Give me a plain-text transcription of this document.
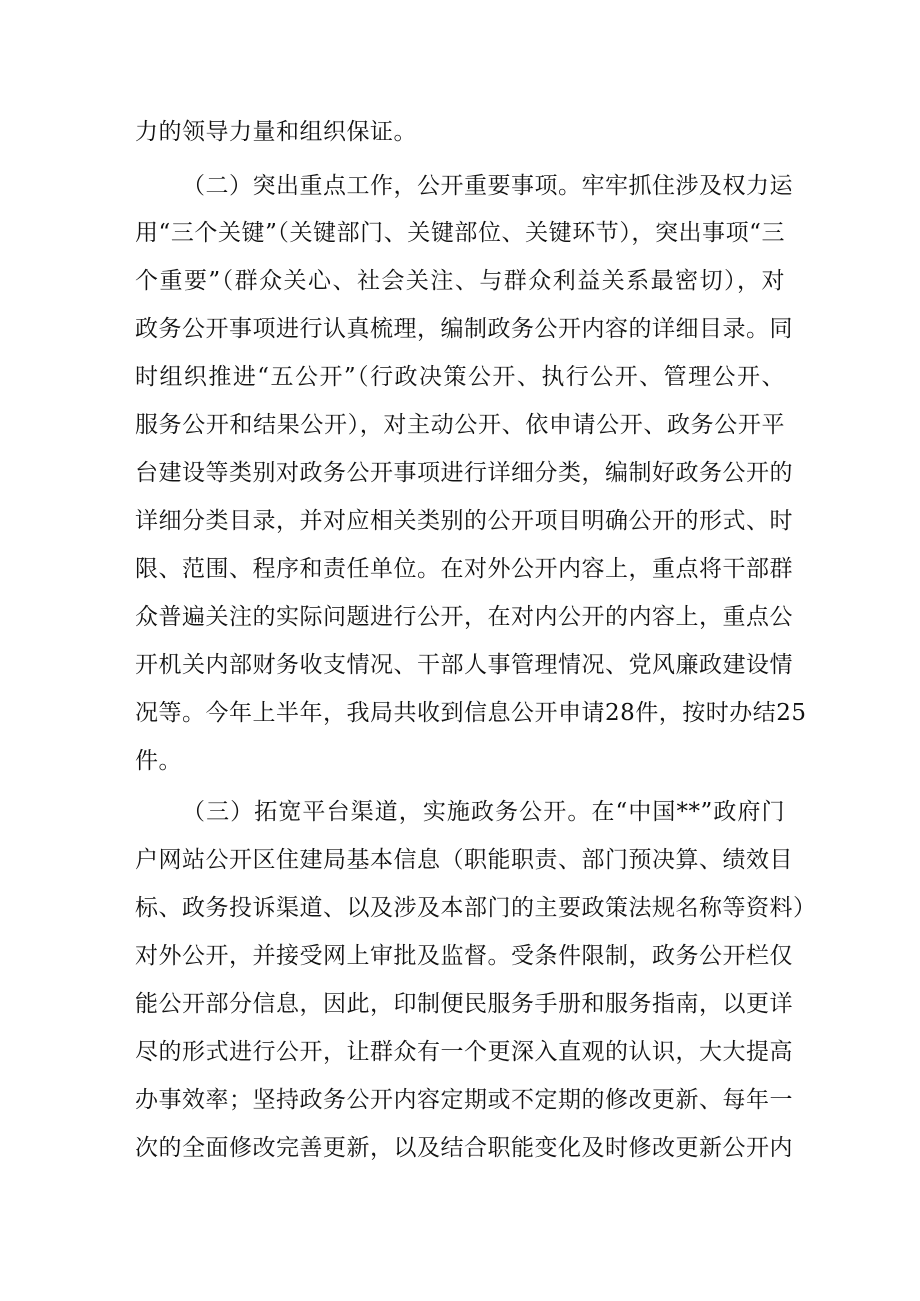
力的领导力量和组织保证。
（二）突出重点工作，公开重要事项。牢牢抓住涉及权力运
用“三个关键”（关键部门、关键部位、关键环节），突出事项“三
个重要”（群众关心、社会关注、与群众利益关系最密切），对
政务公开事项进行认真梳理，编制政务公开内容的详细目录。同
时组织推进“五公开”（行政决策公开、执行公开、管理公开、
服务公开和结果公开），对主动公开、依申请公开、政务公开平
台建设等类别对政务公开事项进行详细分类，编制好政务公开的
详细分类目录，并对应相关类别的公开项目明确公开的形式、时
限、范围、程序和责任单位。在对外公开内容上，重点将干部群
众普遍关注的实际问题进行公开，在对内公开的内容上，重点公
开机关内部财务收支情况、干部人事管理情况、党风廉政建设情
况等。今年上半年，我局共收到信息公开申请28件，按时办结25
件。
（三）拓宽平台渠道，实施政务公开。在“中国**”政府门
户网站公开区住建局基本信息（职能职责、部门预决算、绩效目
标、政务投诉渠道、以及涉及本部门的主要政策法规名称等资料）
对外公开，并接受网上审批及监督。受条件限制，政务公开栏仅
能公开部分信息，因此，印制便民服务手册和服务指南，以更详
尽的形式进行公开，让群众有一个更深入直观的认识，大大提高
办事效率；坚持政务公开内容定期或不定期的修改更新、每年一
次的全面修改完善更新，以及结合职能变化及时修改更新公开内
